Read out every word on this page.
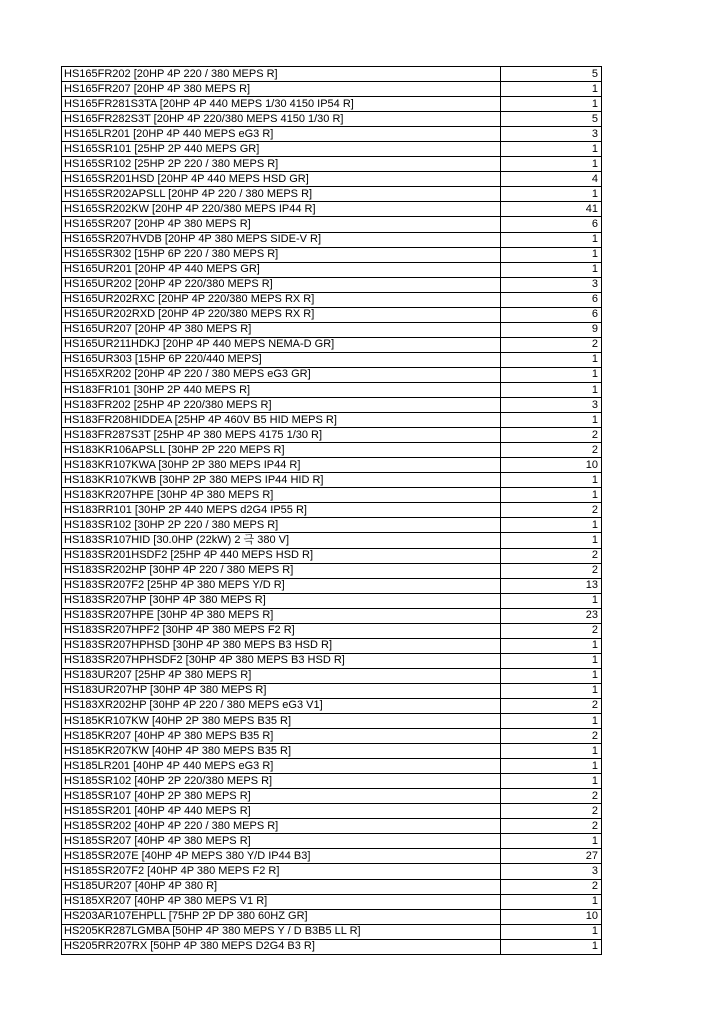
HS165FR202 [20HP 4P 220 / 380 MEPS R]	5
HS165FR207 [20HP 4P 380 MEPS R]	1
HS165FR281S3TA [20HP 4P 440 MEPS 1/30 4150 IP54 R]	1
HS165FR282S3T [20HP 4P 220/380 MEPS 4150 1/30 R]	5
HS165LR201 [20HP 4P 440 MEPS eG3 R]	3
HS165SR101 [25HP 2P 440 MEPS GR]	1
HS165SR102 [25HP 2P 220 / 380 MEPS R]	1
HS165SR201HSD [20HP 4P 440 MEPS HSD GR]	4
HS165SR202APSLL [20HP 4P 220 / 380 MEPS R]	1
HS165SR202KW [20HP 4P 220/380 MEPS IP44 R]	41
HS165SR207 [20HP 4P 380 MEPS R]	6
HS165SR207HVDB [20HP 4P 380 MEPS SIDE-V R]	1
HS165SR302 [15HP 6P 220 / 380 MEPS R]	1
HS165UR201 [20HP 4P 440 MEPS GR]	1
HS165UR202 [20HP 4P 220/380 MEPS R]	3
HS165UR202RXC [20HP 4P 220/380 MEPS RX R]	6
HS165UR202RXD [20HP 4P 220/380 MEPS RX R]	6
HS165UR207 [20HP 4P 380 MEPS R]	9
HS165UR211HDKJ [20HP 4P 440 MEPS NEMA-D GR]	2
HS165UR303 [15HP 6P 220/440 MEPS]	1
HS165XR202 [20HP 4P 220 / 380 MEPS eG3 GR]	1
HS183FR101 [30HP 2P 440 MEPS R]	1
HS183FR202 [25HP 4P 220/380 MEPS R]	3
HS183FR208HIDDEA [25HP 4P 460V B5 HID MEPS R]	1
HS183FR287S3T [25HP 4P 380 MEPS 4175 1/30 R]	2
HS183KR106APSLL [30HP 2P 220 MEPS R]	2
HS183KR107KWA [30HP 2P 380 MEPS IP44 R]	10
HS183KR107KWB [30HP 2P 380 MEPS IP44 HID R]	1
HS183KR207HPE [30HP 4P 380 MEPS R]	1
HS183RR101 [30HP 2P 440 MEPS d2G4 IP55 R]	2
HS183SR102 [30HP 2P 220 / 380 MEPS R]	1
HS183SR107HID [30.0HP (22kW) 2 극 380 V]	1
HS183SR201HSDF2 [25HP 4P 440 MEPS HSD R]	2
HS183SR202HP [30HP 4P 220 / 380 MEPS R]	2
HS183SR207F2 [25HP 4P 380 MEPS Y/D R]	13
HS183SR207HP [30HP 4P 380 MEPS R]	1
HS183SR207HPE [30HP 4P 380 MEPS R]	23
HS183SR207HPF2 [30HP 4P 380 MEPS F2 R]	2
HS183SR207HPHSD [30HP 4P 380 MEPS B3 HSD R]	1
HS183SR207HPHSDF2 [30HP 4P 380 MEPS B3 HSD R]	1
HS183UR207 [25HP 4P 380 MEPS R]	1
HS183UR207HP [30HP 4P 380 MEPS R]	1
HS183XR202HP [30HP 4P 220 / 380 MEPS eG3 V1]	2
HS185KR107KW [40HP 2P 380 MEPS B35 R]	1
HS185KR207 [40HP 4P 380 MEPS B35 R]	2
HS185KR207KW [40HP 4P 380 MEPS B35 R]	1
HS185LR201 [40HP 4P 440 MEPS eG3 R]	1
HS185SR102 [40HP 2P 220/380 MEPS R]	1
HS185SR107 [40HP 2P 380 MEPS R]	2
HS185SR201 [40HP 4P 440 MEPS R]	2
HS185SR202 [40HP 4P 220 / 380 MEPS R]	2
HS185SR207 [40HP 4P 380 MEPS R]	1
HS185SR207E [40HP 4P MEPS 380 Y/D IP44 B3]	27
HS185SR207F2 [40HP 4P 380 MEPS F2 R]	3
HS185UR207 [40HP 4P 380 R]	2
HS185XR207 [40HP 4P 380 MEPS V1 R]	1
HS203AR107EHPLL [75HP 2P DP 380 60HZ GR]	10
HS205KR287LGMBA [50HP 4P 380 MEPS Y / D B3B5 LL R]	1
HS205RR207RX [50HP 4P 380 MEPS D2G4 B3 R]	1
